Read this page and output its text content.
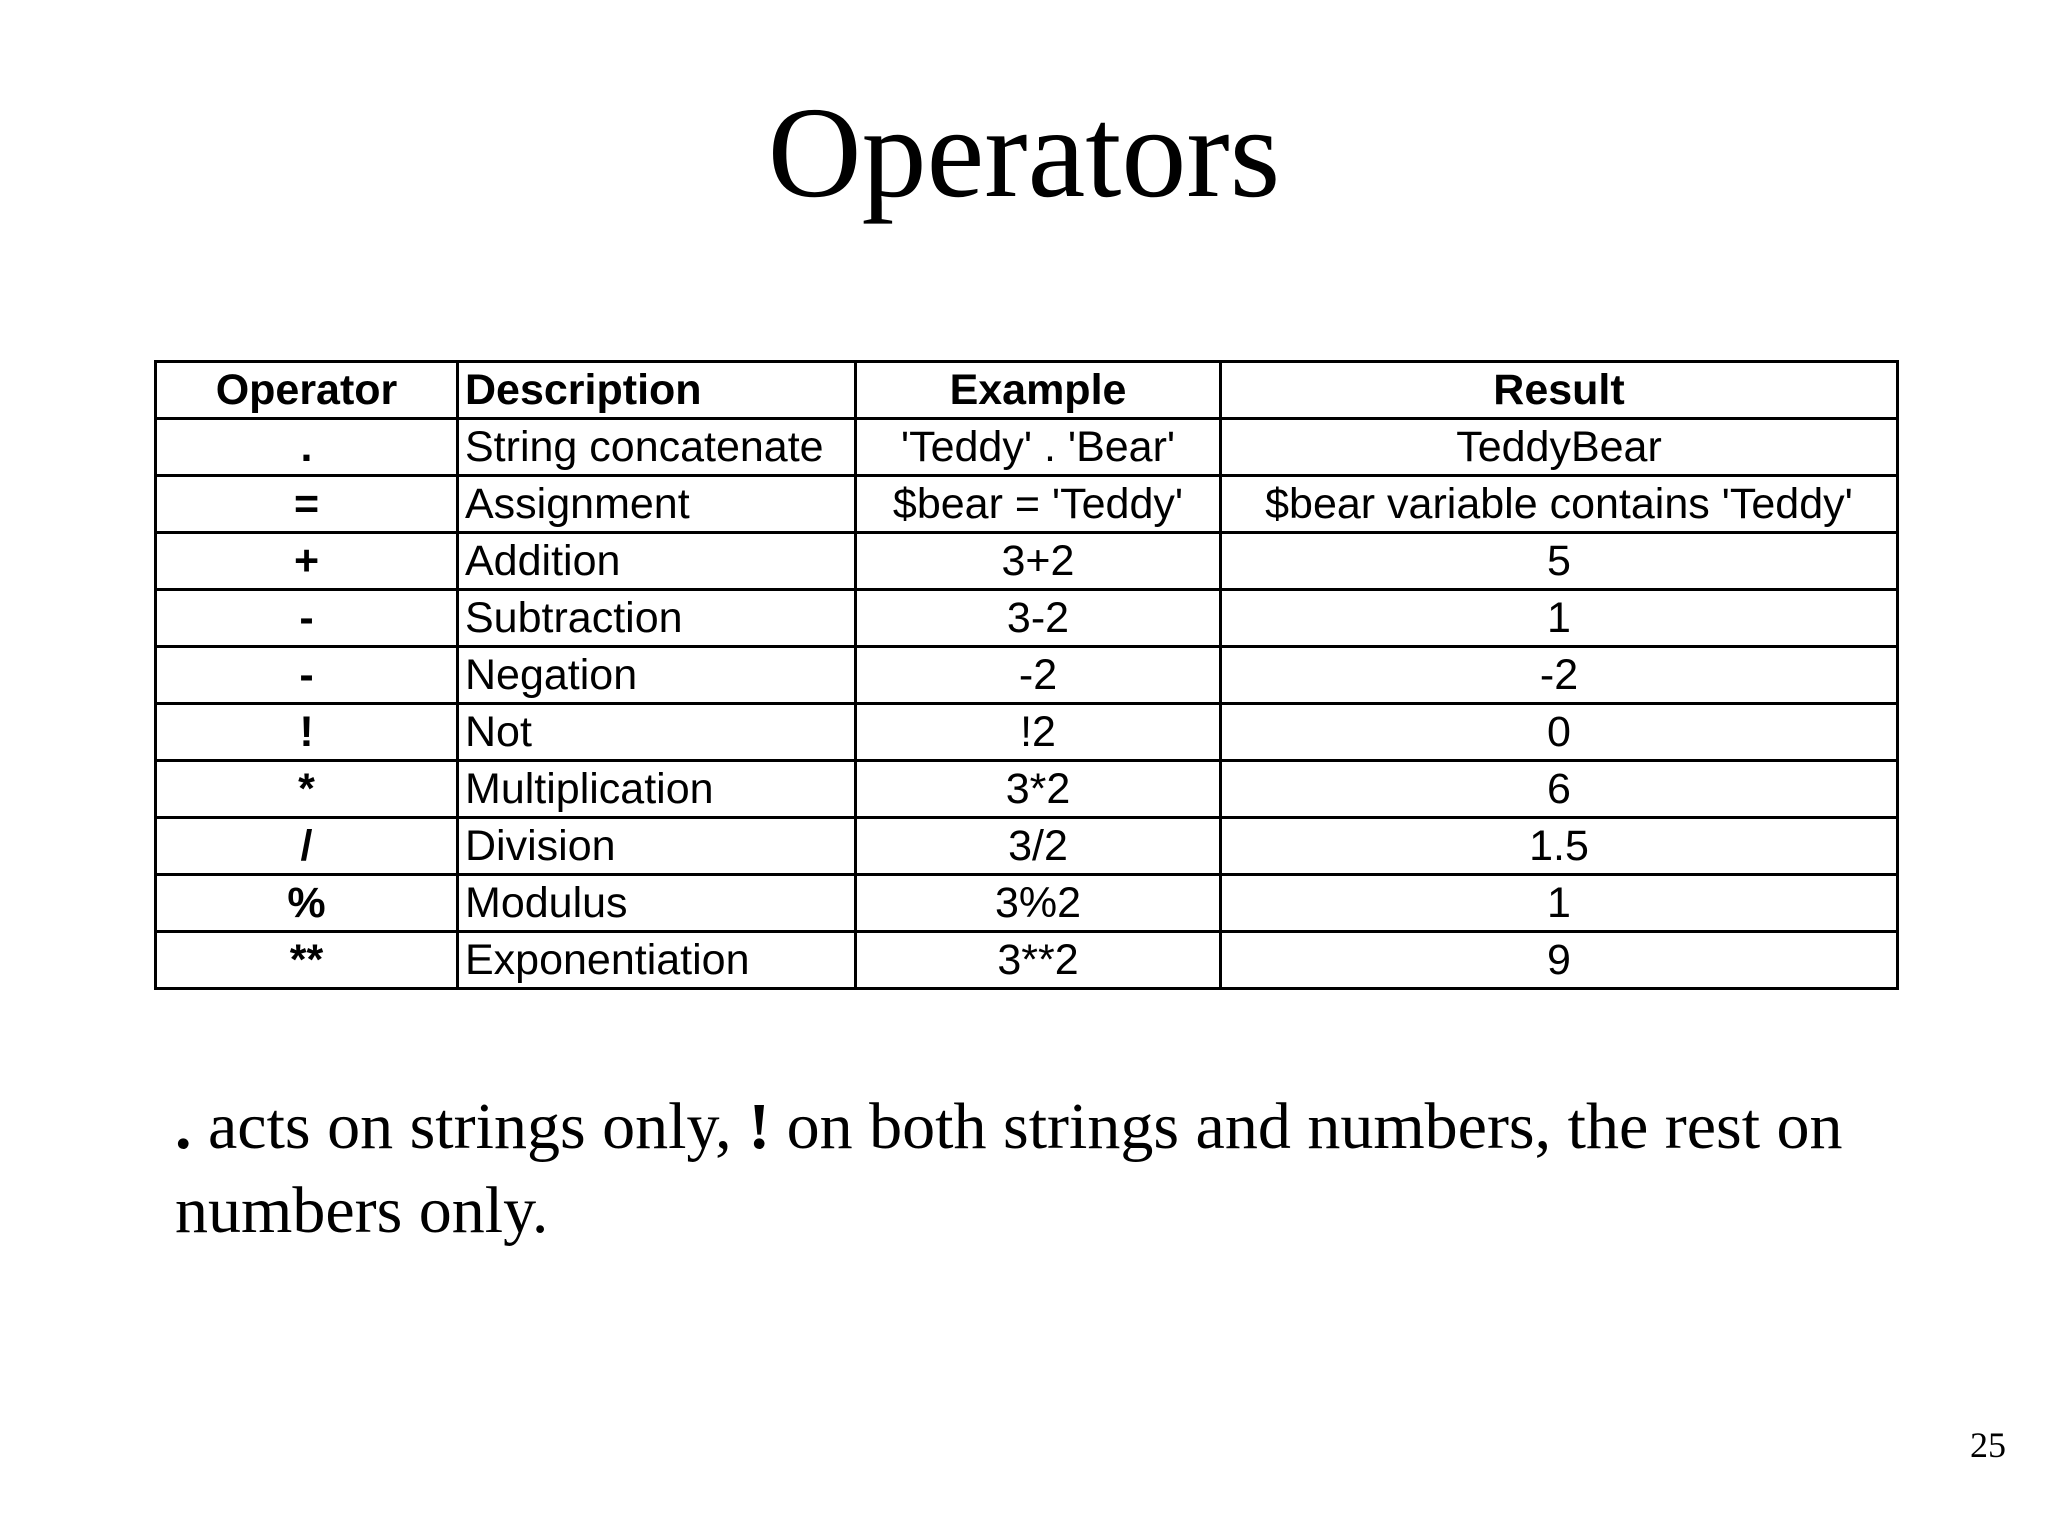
Operators
Operator	Description	Example	Result
.	String concatenate	'Teddy' . 'Bear'	TeddyBear
=	Assignment	$bear = 'Teddy'	$bear variable contains 'Teddy'
+	Addition	3+2	5
-	Subtraction	3-2	1
-	Negation	-2	-2
!	Not	!2	0
*	Multiplication	3*2	6
/	Division	3/2	1.5
%	Modulus	3%2	1
**	Exponentiation	3**2	9

. acts on strings only, ! on both strings and numbers, the rest on numbers only.

25
